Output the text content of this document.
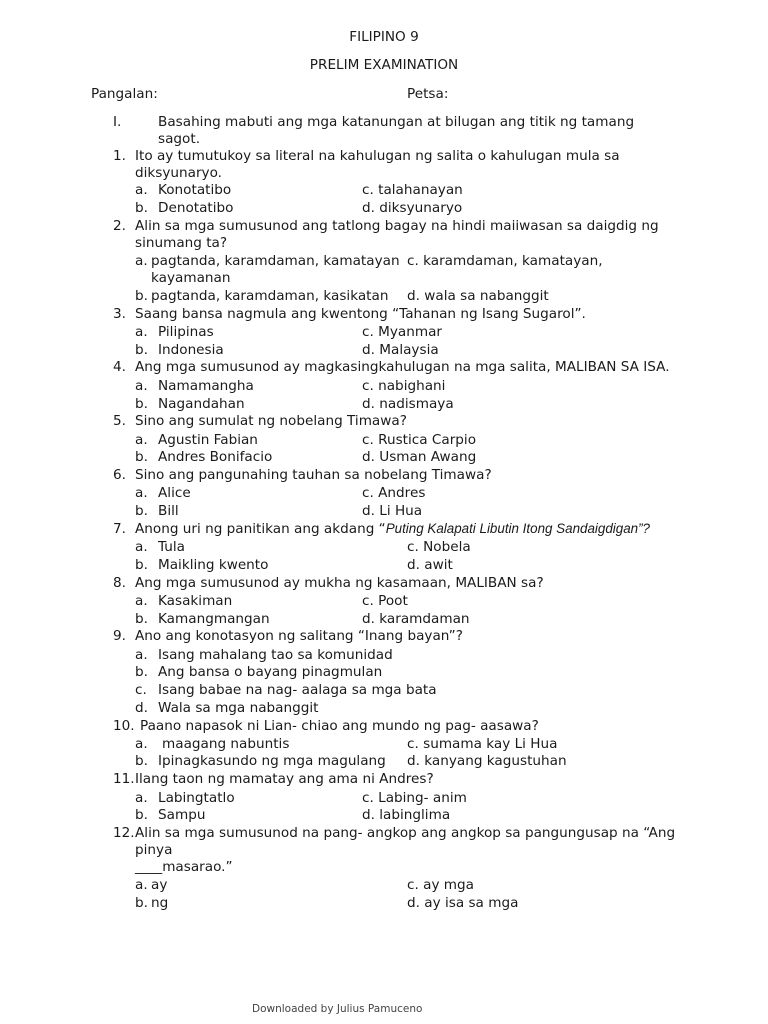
FILIPINO 9
PRELIM EXAMINATION
Pangalan:	Petsa:
I.	Basahing mabuti ang mga katanungan at bilugan ang titik ng tamang
sagot.
1. Ito ay tumutukoy sa literal na kahulugan ng salita o kahulugan mula sa
diksyunaryo.
a. Konotatibo	c. talahanayan
b. Denotatibo	d. diksyunaryo
2. Alin sa mga sumusunod ang tatlong bagay na hindi maiiwasan sa daigdig ng
sinumang ta?
a. pagtanda, karamdaman, kamatayan c. karamdaman, kamatayan,
kayamanan
b. pagtanda, karamdaman, kasikatan d. wala sa nabanggit
3. Saang bansa nagmula ang kwentong “Tahanan ng Isang Sugarol”.
a. Pilipinas	c. Myanmar
b. Indonesia	d. Malaysia
4. Ang mga sumusunod ay magkasingkahulugan na mga salita, MALIBAN SA ISA.
a. Namamangha	c. nabighani
b. Nagandahan	d. nadismaya
5. Sino ang sumulat ng nobelang Timawa?
a. Agustin Fabian	c. Rustica Carpio
b. Andres Bonifacio	d. Usman Awang
6. Sino ang pangunahing tauhan sa nobelang Timawa?
a. Alice	c. Andres
b. Bill	d. Li Hua
7. Anong uri ng panitikan ang akdang “Puting Kalapati Libutin Itong Sandaigdigan”?
a. Tula	c. Nobela
b. Maikling kwento	d. awit
8. Ang mga sumusunod ay mukha ng kasamaan, MALIBAN sa?
a. Kasakiman	c. Poot
b. Kamangmangan	d. karamdaman
9. Ano ang konotasyon ng salitang “Inang bayan”?
a. Isang mahalang tao sa komunidad
b. Ang bansa o bayang pinagmulan
c. Isang babae na nag- aalaga sa mga bata
d. Wala sa mga nabanggit
10. Paano napasok ni Lian- chiao ang mundo ng pag- aasawa?
a. maagang nabuntis	c. sumama kay Li Hua
b. Ipinagkasundo ng mga magulang d. kanyang kagustuhan
11. Ilang taon ng mamatay ang ama ni Andres?
a. Labingtatlo	c. Labing- anim
b. Sampu	d. labinglima
12. Alin sa mga sumusunod na pang- angkop ang angkop sa pangungusap na “Ang
pinya
____masarao.”
a. ay	c. ay mga
b. ng	d. ay isa sa mga
Downloaded by Julius Pamuceno
